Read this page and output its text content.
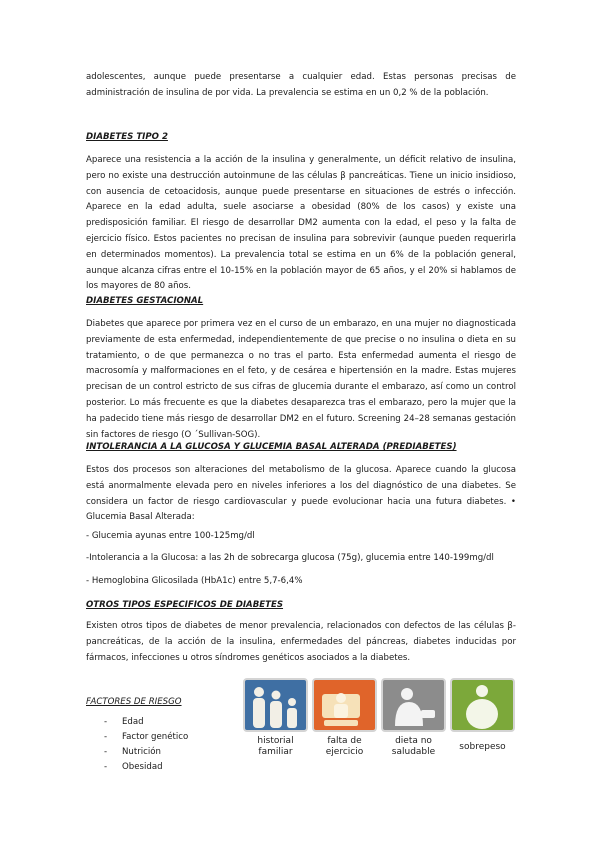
adolescentes, aunque puede presentarse a cualquier edad. Estas personas precisas de administración de insulina de por vida. La prevalencia se estima en un 0,2 % de la población.

DIABETES TIPO 2

Aparece una resistencia a la acción de la insulina y generalmente, un déficit relativo de insulina, pero no existe una destrucción autoinmune de las células β pancreáticas. Tiene un inicio insidioso, con ausencia de cetoacidosis, aunque puede presentarse en situaciones de estrés o infección. Aparece en la edad adulta, suele asociarse a obesidad (80% de los casos) y existe una predisposición familiar. El riesgo de desarrollar DM2 aumenta con la edad, el peso y la falta de ejercicio físico. Estos pacientes no precisan de insulina para sobrevivir (aunque pueden requerirla en determinados momentos). La prevalencia total se estima en un 6% de la población general, aunque alcanza cifras entre el 10-15% en la población mayor de 65 años, y el 20% si hablamos de los mayores de 80 años.

DIABETES GESTACIONAL

Diabetes que aparece por primera vez en el curso de un embarazo, en una mujer no diagnosticada previamente de esta enfermedad, independientemente de que precise o no insulina o dieta en su tratamiento, o de que permanezca o no tras el parto. Esta enfermedad aumenta el riesgo de macrosomía y malformaciones en el feto, y de cesárea e hipertensión en la madre. Estas mujeres precisan de un control estricto de sus cifras de glucemia durante el embarazo, así como un control posterior. Lo más frecuente es que la diabetes desaparezca tras el embarazo, pero la mujer que la ha padecido tiene más riesgo de desarrollar DM2 en el futuro. Screening 24–28 semanas gestación sin factores de riesgo (O ´Sullivan-SOG).

INTOLERANCIA A LA GLUCOSA Y GLUCEMIA BASAL ALTERADA (PREDIABETES)

Estos dos procesos son alteraciones del metabolismo de la glucosa. Aparece cuando la glucosa está anormalmente elevada pero en niveles inferiores a los del diagnóstico de una diabetes. Se considera un factor de riesgo cardiovascular y puede evolucionar hacia una futura diabetes. • Glucemia Basal Alterada:

- Glucemia ayunas entre 100-125mg/dl

-Intolerancia a la Glucosa: a las 2h de sobrecarga glucosa (75g), glucemia entre 140-199mg/dl

- Hemoglobina Glicosilada (HbA1c) entre 5,7-6,4%

OTROS TIPOS ESPECIFICOS DE DIABETES

Existen otros tipos de diabetes de menor prevalencia, relacionados con defectos de las células β-pancreáticas, de la acción de la insulina, enfermedades del páncreas, diabetes inducidas por fármacos, infecciones u otros síndromes genéticos asociados a la diabetes.

FACTORES DE RIESGO

-	Edad
-	Factor genético
-	Nutrición
-	Obesidad
historial familiar
falta de ejercicio
dieta no saludable	sobrepeso
